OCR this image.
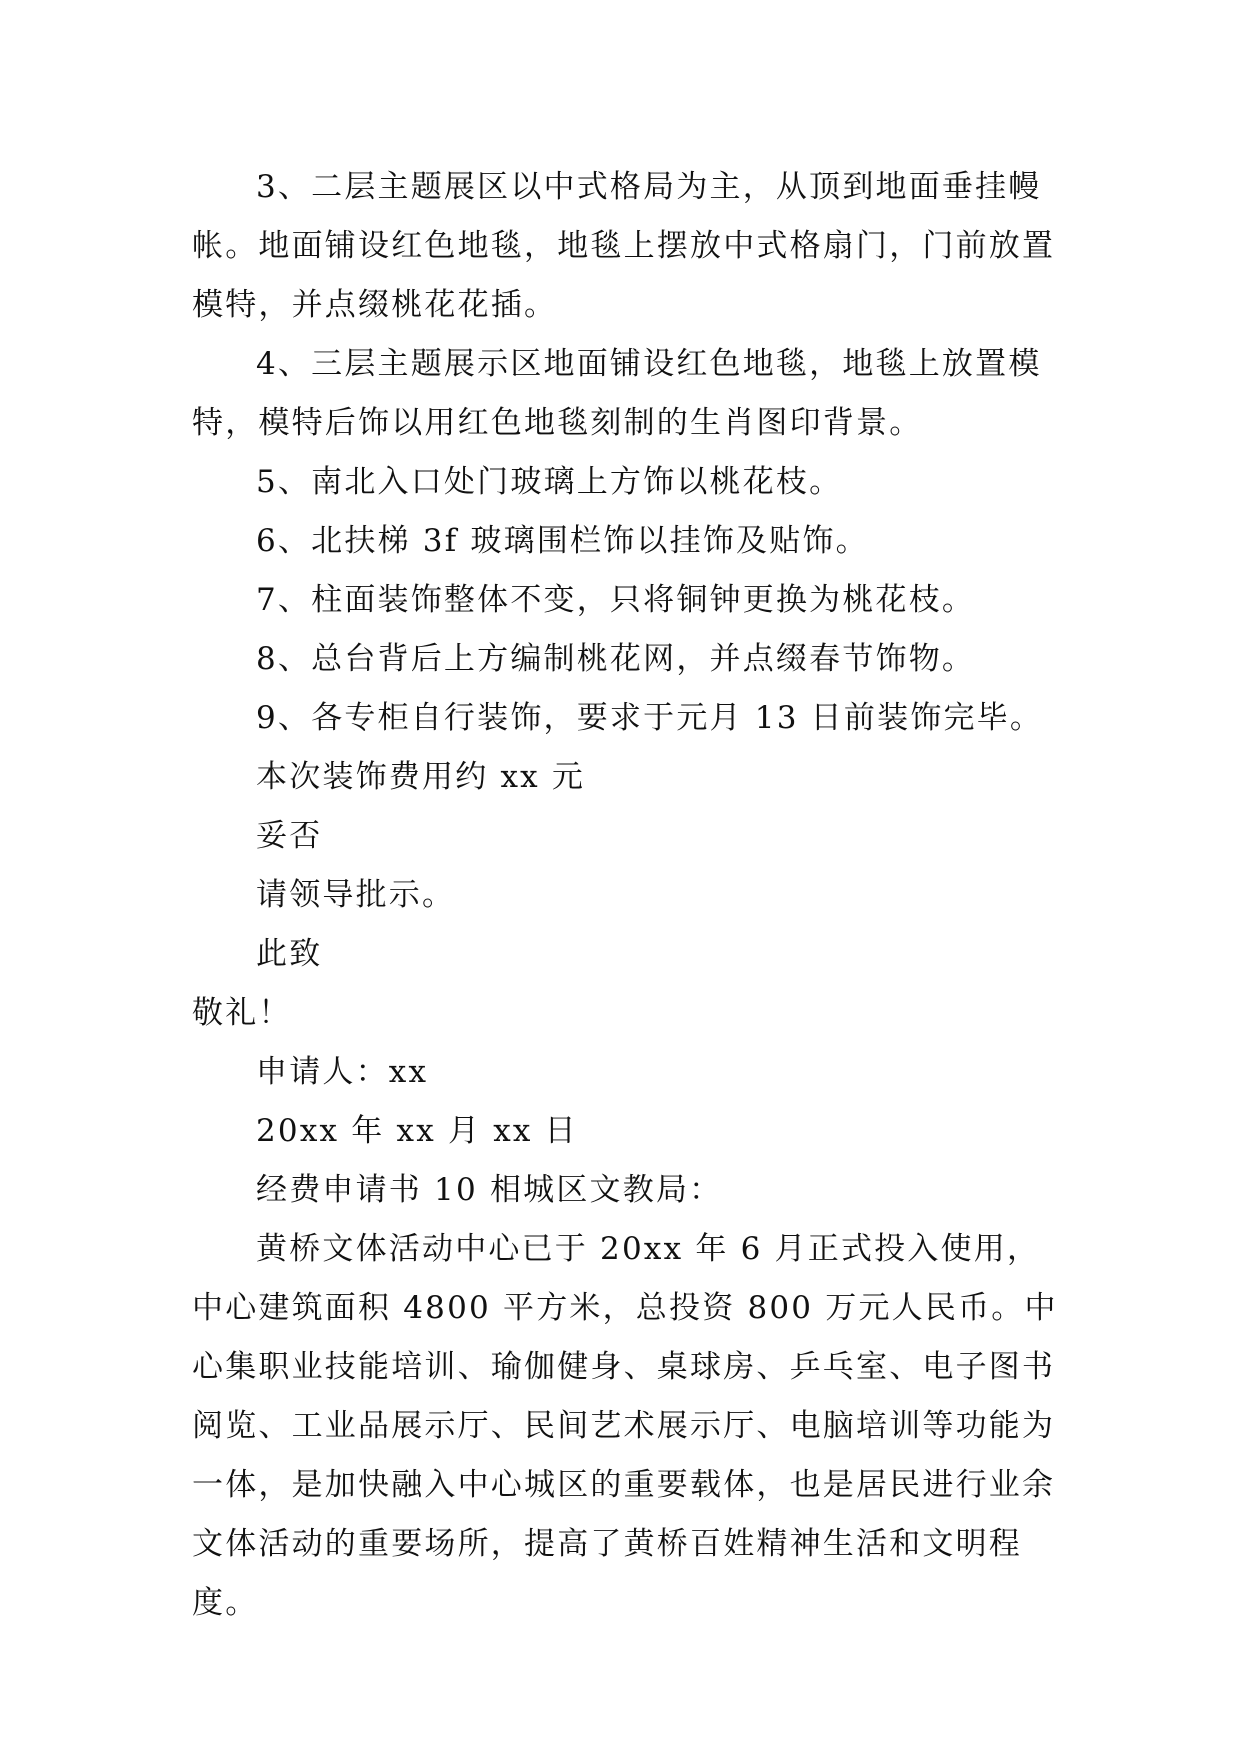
3、二层主题展区以中式格局为主，从顶到地面垂挂幔帐。地面铺设红色地毯，地毯上摆放中式格扇门，门前放置模特，并点缀桃花花插。

4、三层主题展示区地面铺设红色地毯，地毯上放置模特，模特后饰以用红色地毯刻制的生肖图印背景。

5、南北入口处门玻璃上方饰以桃花枝。

6、北扶梯 3f 玻璃围栏饰以挂饰及贴饰。

7、柱面装饰整体不变，只将铜钟更换为桃花枝。

8、总台背后上方编制桃花网，并点缀春节饰物。

9、各专柜自行装饰，要求于元月 13 日前装饰完毕。

本次装饰费用约 xx 元

妥否

请领导批示。

此致

敬礼！

申请人：xx

20xx 年 xx 月 xx 日

经费申请书 10 相城区文教局：

黄桥文体活动中心已于 20xx 年 6 月正式投入使用，中心建筑面积 4800 平方米，总投资 800 万元人民币。中心集职业技能培训、瑜伽健身、桌球房、乒乓室、电子图书阅览、工业品展示厅、民间艺术展示厅、电脑培训等功能为一体，是加快融入中心城区的重要载体，也是居民进行业余文体活动的重要场所，提高了黄桥百姓精神生活和文明程度。
